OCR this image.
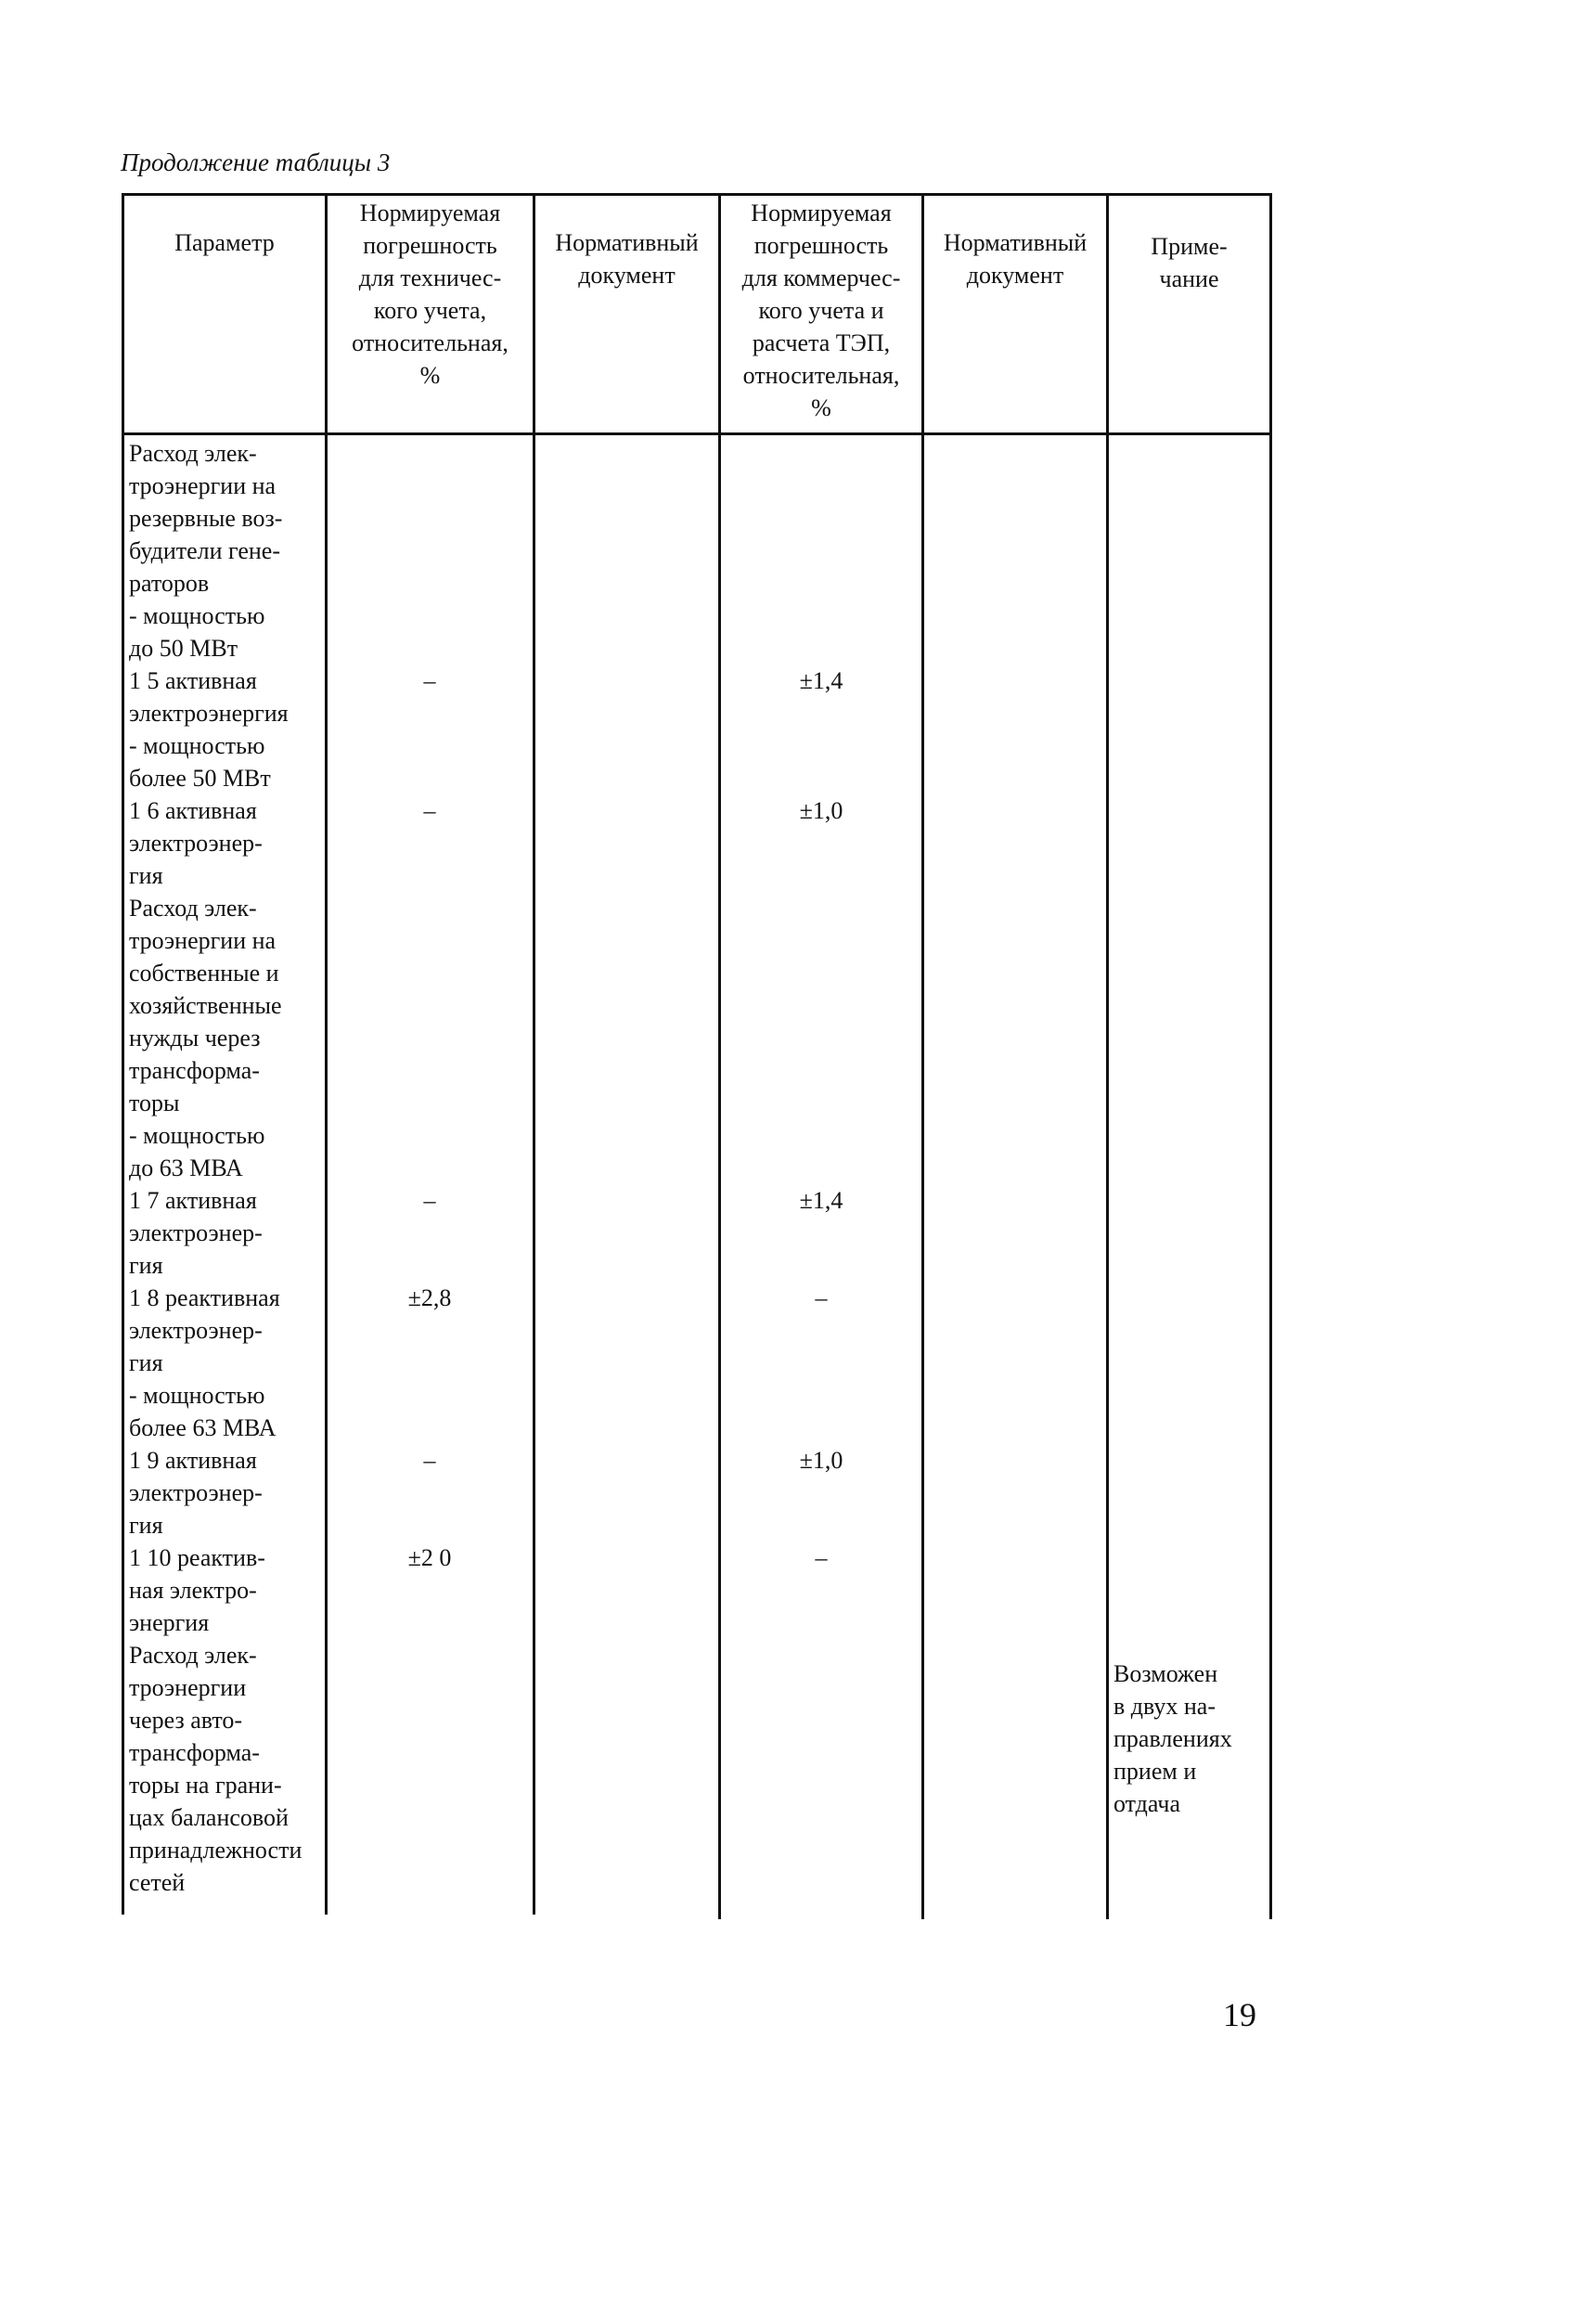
Продолжение таблицы 3
Параметр
Нормируемая
погрешность
для техничес-
кого учета,
относительная,
%
Нормативный
документ
Нормируемая
погрешность
для коммерчес-
кого учета и
расчета ТЭП,
относительная,
%
Нормативный
документ
Приме-
чание
Расход элек-
троэнергии на
резервные воз-
будители гене-
раторов
- мощностью
до 50 МВт
1 5 активная
электроэнергия
- мощностью
более 50 МВт
1 6 активная
электроэнер-
гия
Расход элек-
троэнергии на
собственные и
хозяйственные
нужды через
трансформа-
торы
- мощностью
до 63 МВА
1 7 активная
электроэнер-
гия
1 8 реактивная
электроэнер-
гия
- мощностью
более 63 МВА
1 9 активная
электроэнер-
гия
1 10 реактив-
ная электро-
энергия
Расход элек-
троэнергии
через авто-
трансформа-
торы на грани-
цах балансовой
принадлежности
сетей
–
–
–
±2,8
–
±2 0
±1,4
±1,0
±1,4
–
±1,0
–
Возможен
в двух на-
правлениях
прием и
отдача
19
